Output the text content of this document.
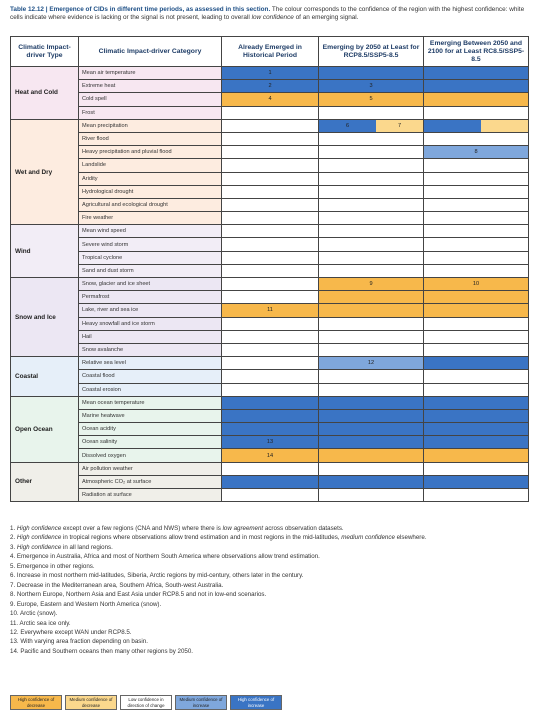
Table 12.12 | Emergence of CIDs in different time periods, as assessed in this section. The colour corresponds to the confidence of the region with the highest confidence: white cells indicate where evidence is lacking or the signal is not present, leading to overall low confidence of an emerging signal.
Climatic Impact-driver Type	Climatic Impact-driver Category	Already Emerged in Historical Period	Emerging by 2050 at Least for RCP8.5/SSP5-8.5	Emerging Between 2050 and 2100 for at Least RC8.5/SSP5-8.5
Heat and Cold	Mean air temperature	1		
	Extreme heat	2	3	
	Cold spell	4	5	
	Frost			
Wet and Dry	Mean precipitation		6 7	

	River flood			
	Heavy precipitation and pluvial flood			8
	Landslide			
	Aridity			
	Hydrological drought			
	Agricultural and ecological drought			
	Fire weather			
Wind	Mean wind speed			
	Severe wind storm			
	Tropical cyclone			
	Sand and dust storm			
Snow and Ice	Snow, glacier and ice sheet		9	10
	Permafrost			
	Lake, river and sea ice	11		
	Heavy snowfall and ice storm			
	Hail			
	Snow avalanche			
Coastal	Relative sea level		12	
	Coastal flood			
	Coastal erosion			
Open Ocean	Mean ocean temperature			
	Marine heatwave			
	Ocean acidity			
	Ocean salinity	13		
	Dissolved oxygen	14		
Other	Air pollution weather			
	Atmospheric CO₂ at surface			
	Radiation at surface			
1. High confidence except over a few regions (CNA and NWS) where there is low agreement across observation datasets.
2. High confidence in tropical regions where observations allow trend estimation and in most regions in the mid-latitudes, medium confidence elsewhere.
3. High confidence in all land regions.
4. Emergence in Australia, Africa and most of Northern South America where observations allow trend estimation.
5. Emergence in other regions.
6. Increase in most northern mid-latitudes, Siberia, Arctic regions by mid-century, others later in the century.
7. Decrease in the Mediterranean area, Southern Africa, South-west Australia.
8. Northern Europe, Northern Asia and East Asia under RCP8.5 and not in low-end scenarios.
9. Europe, Eastern and Western North America (snow).
10. Arctic (snow).
11. Arctic sea ice only.
12. Everywhere except WAN under RCP8.5.
13. With varying area fraction depending on basin.
14. Pacific and Southern oceans then many other regions by 2050.
High confidence of decrease
Medium confidence of decrease
Low confidence in direction of change
Medium confidence of increase
High confidence of increase
